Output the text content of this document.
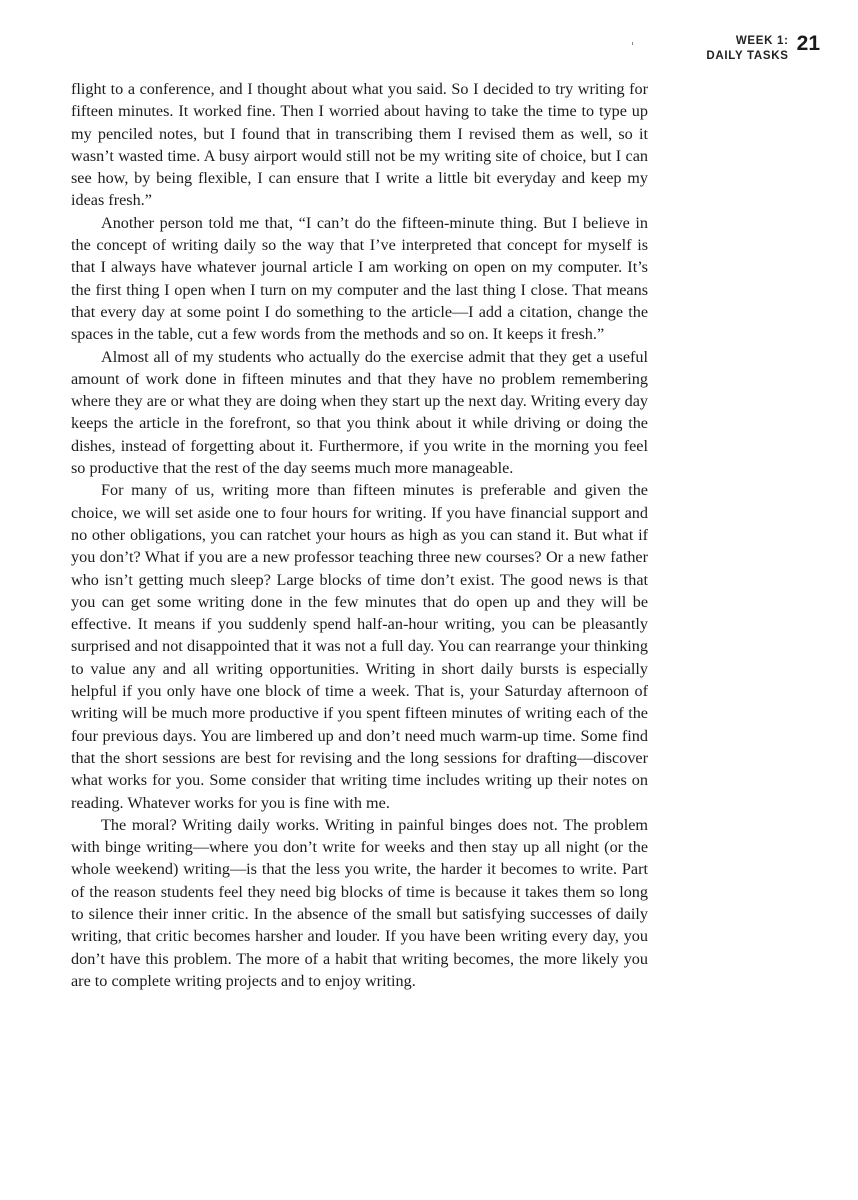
WEEK 1:
DAILY TASKS
21

flight to a conference, and I thought about what you said. So I decided to try writing for fifteen minutes. It worked fine. Then I worried about having to take the time to type up my penciled notes, but I found that in transcribing them I revised them as well, so it wasn’t wasted time. A busy airport would still not be my writing site of choice, but I can see how, by being flexible, I can ensure that I write a little bit everyday and keep my ideas fresh.”

Another person told me that, “I can’t do the fifteen-minute thing. But I believe in the concept of writing daily so the way that I’ve interpreted that concept for myself is that I always have whatever journal article I am working on open on my computer. It’s the first thing I open when I turn on my computer and the last thing I close. That means that every day at some point I do something to the article—I add a citation, change the spaces in the table, cut a few words from the methods and so on. It keeps it fresh.”

Almost all of my students who actually do the exercise admit that they get a useful amount of work done in fifteen minutes and that they have no problem remembering where they are or what they are doing when they start up the next day. Writing every day keeps the article in the forefront, so that you think about it while driving or doing the dishes, instead of forgetting about it. Furthermore, if you write in the morning you feel so productive that the rest of the day seems much more manageable.

For many of us, writing more than fifteen minutes is preferable and given the choice, we will set aside one to four hours for writing. If you have financial support and no other obligations, you can ratchet your hours as high as you can stand it. But what if you don’t? What if you are a new professor teaching three new courses? Or a new father who isn’t getting much sleep? Large blocks of time don’t exist. The good news is that you can get some writing done in the few minutes that do open up and they will be effective. It means if you suddenly spend half-an-hour writing, you can be pleasantly surprised and not disappointed that it was not a full day. You can rearrange your thinking to value any and all writing opportunities. Writing in short daily bursts is especially helpful if you only have one block of time a week. That is, your Saturday afternoon of writing will be much more productive if you spent fifteen minutes of writing each of the four previous days. You are limbered up and don’t need much warm-up time. Some find that the short sessions are best for revising and the long sessions for drafting—discover what works for you. Some consider that writing time includes writing up their notes on reading. Whatever works for you is fine with me.

The moral? Writing daily works. Writing in painful binges does not. The problem with binge writing—where you don’t write for weeks and then stay up all night (or the whole weekend) writing—is that the less you write, the harder it becomes to write. Part of the reason students feel they need big blocks of time is because it takes them so long to silence their inner critic. In the absence of the small but satisfying successes of daily writing, that critic becomes harsher and louder. If you have been writing every day, you don’t have this problem. The more of a habit that writing becomes, the more likely you are to complete writing projects and to enjoy writing.
